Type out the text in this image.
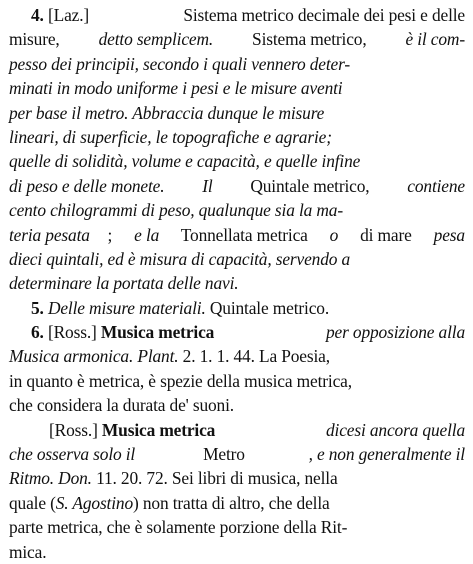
4. [Laz.]	Sistema metrico decimale dei pesi e delle
misure, detto semplicem. Sistema metrico, è il com-
pesso dei principii, secondo i quali vennero deter-
minati in modo uniforme i pesi e le misure aventi
per base il metro. Abbraccia dunque le misure
lineari, di superficie, le topografiche e agrarie;
quelle di solidità, volume e capacità, e quelle infine
di peso e delle monete. Il Quintale metrico, contiene
cento chilogrammi di peso, qualunque sia la ma-
teria pesata ; e la Tonnellata metrica o di mare pesa
dieci quintali, ed è misura di capacità, servendo a
determinare la portata delle navi.
5. Delle misure materiali. Quintale metrico.
6. [Ross.] Musica metrica	per opposizione alla
Musica armonica. Plant. 2. 1. 1. 44. La Poesia,
in quanto è metrica, è spezie della musica metrica,
che considera la durata de' suoni.
[Ross.] Musica metrica	dicesi ancora quella
che osserva solo il	Metro	, e non generalmente il
Ritmo. Don. 11. 20. 72. Sei libri di musica, nella
quale (S. Agostino) non tratta di altro, che della
parte metrica, che è solamente porzione della Rit-
mica.
